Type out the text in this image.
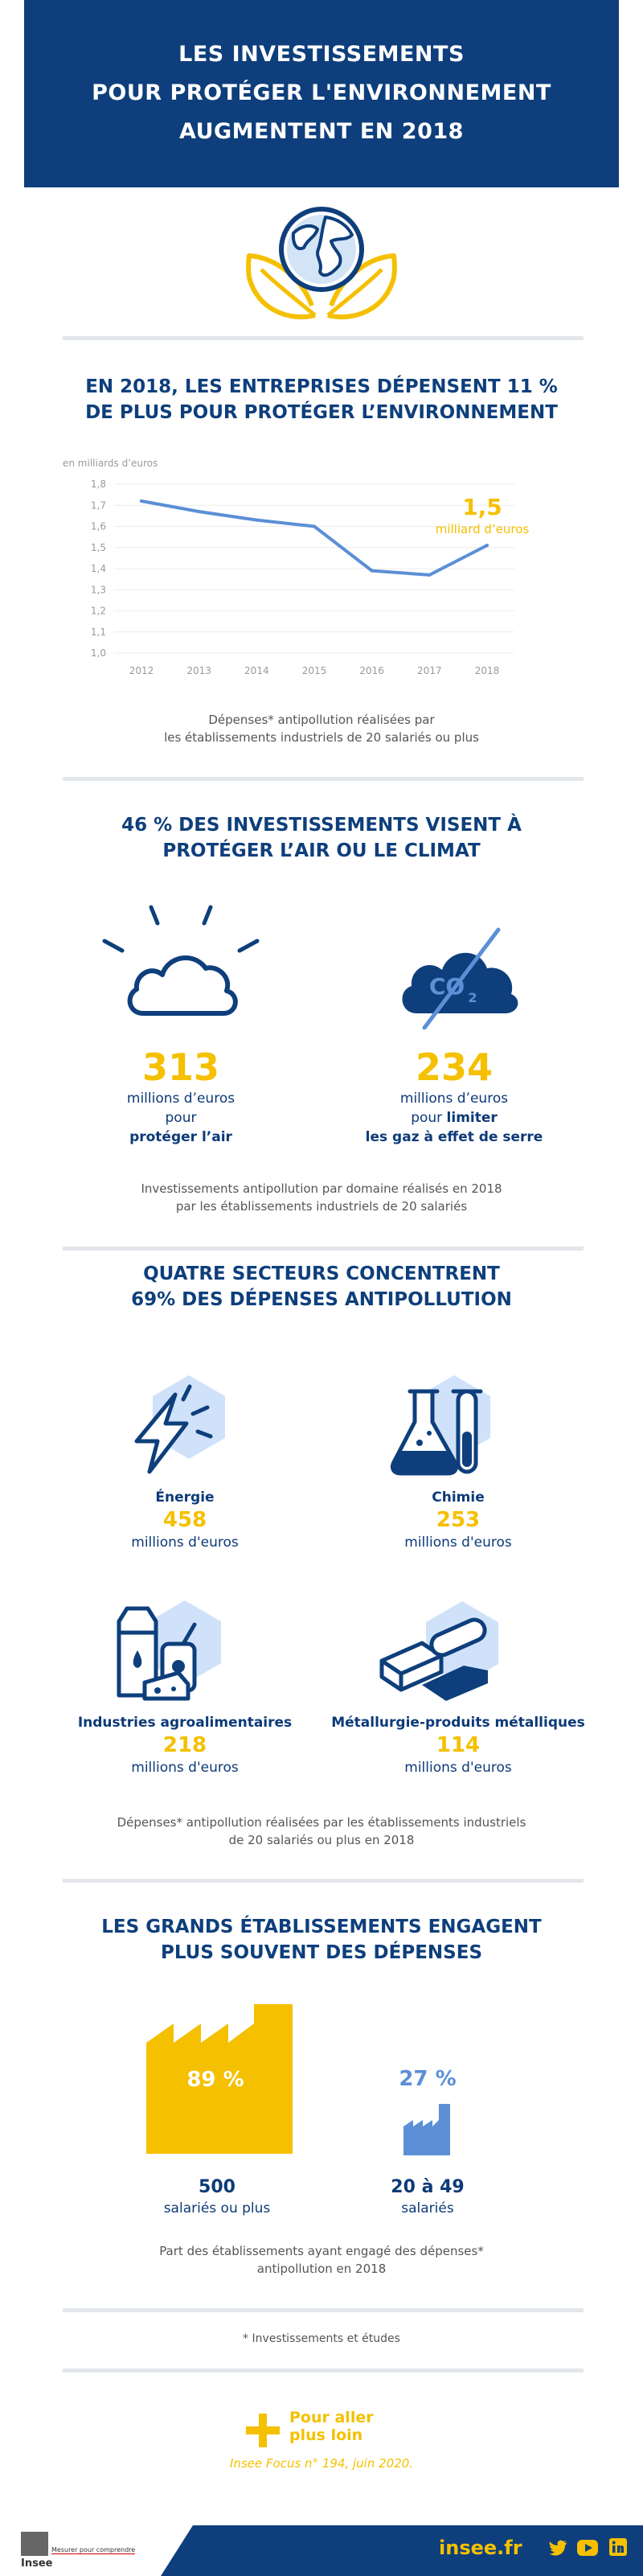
LES INVESTISSEMENTS
POUR PROTÉGER L'ENVIRONNEMENT
AUGMENTENT EN 2018
EN 2018, LES ENTREPRISES DÉPENSENT 11 %
DE PLUS POUR PROTÉGER L’ENVIRONNEMENT
en milliards d’euros
1,0
1,1
1,2
1,3
1,4
1,5
1,6
1,7
1,8
2012	2013	2014	2015	2016	2017	2018
1,5
milliard d’euros
Dépenses* antipollution réalisées par
les établissements industriels de 20 salariés ou plus
46 % DES INVESTISSEMENTS VISENT À
PROTÉGER L’AIR OU LE CLIMAT
CO 2
313
millions d’euros
pour
protéger l’air
234
millions d’euros
pour limiter
les gaz à effet de serre
Investissements antipollution par domaine réalisés en 2018
par les établissements industriels de 20 salariés
QUATRE SECTEURS CONCENTRENT
69% DES DÉPENSES ANTIPOLLUTION
Énergie
458
millions d'euros
Chimie
253
millions d'euros
Industries agroalimentaires
218
millions d'euros
Métallurgie-produits métalliques
114
millions d'euros
Dépenses* antipollution réalisées par les établissements industriels
de 20 salariés ou plus en 2018
LES GRANDS ÉTABLISSEMENTS ENGAGENT
PLUS SOUVENT DES DÉPENSES
89 %	27 %
500
salariés ou plus
20 à 49
salariés
Part des établissements ayant engagé des dépenses*
antipollution en 2018
* Investissements et études
Pour aller
plus loin
Insee Focus n° 194, juin 2020.
Insee
Mesurer pour comprendre	insee.fr
